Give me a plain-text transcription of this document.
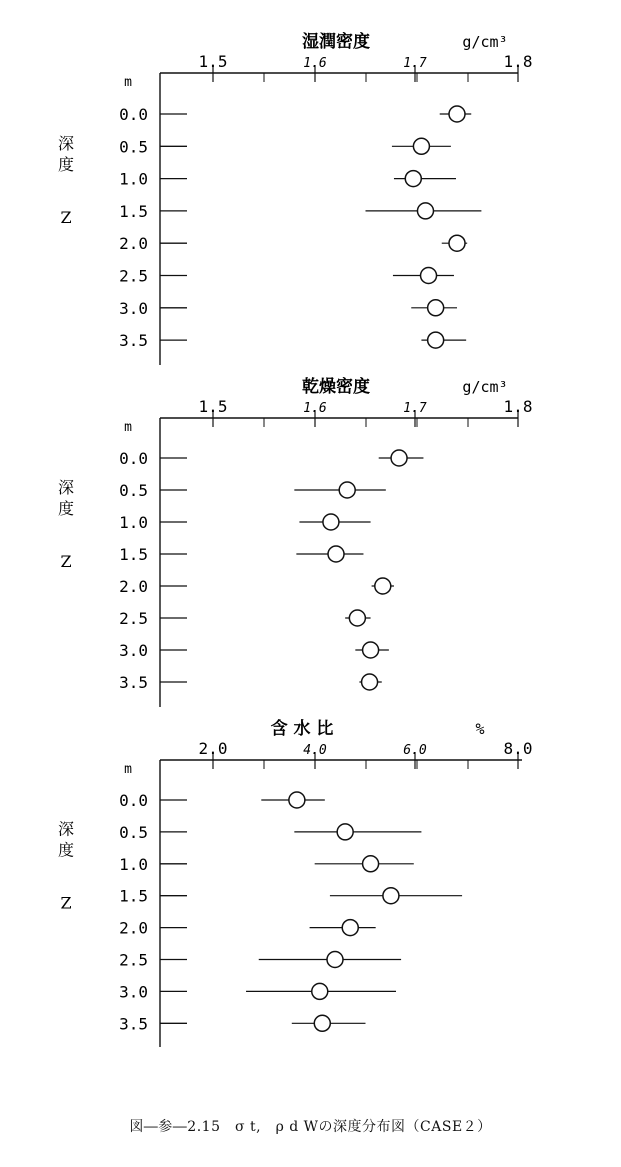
1.5	1.6	1.7	1.8
湿潤密度	g/cm³
m
0.0
0.5
1.0
1.5
2.0
2.5
3.0
3.5
深
度
Z
1.5	1.6	1.7	1.8
乾燥密度	g/cm³
m
0.0
0.5
1.0
1.5
2.0
2.5
3.0
3.5
深
度
Z
2.0	4.0	6.0	8.0
含 水 比	%
m
0.0
0.5
1.0
1.5
2.0
2.5
3.0
3.5
深
度
Z
図―参―2.15　σ t,　ρ d Wの深度分布図（CASE２）
